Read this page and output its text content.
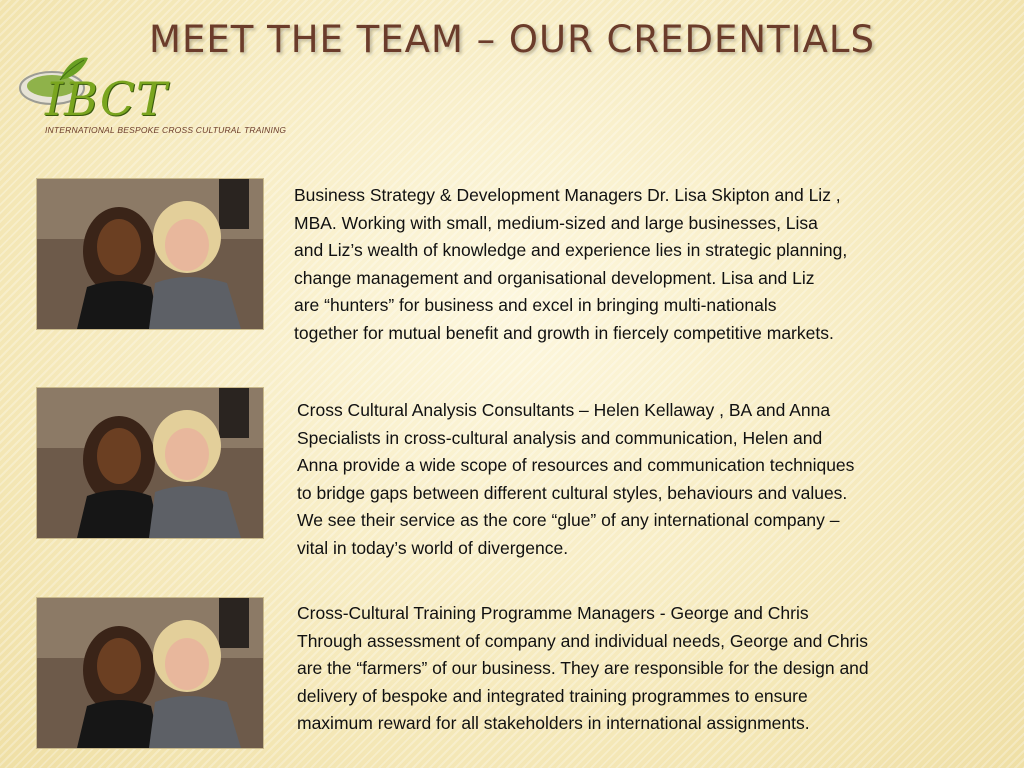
MEET THE TEAM – OUR CREDENTIALS
IBCT
INTERNATIONAL BESPOKE CROSS CULTURAL TRAINING

Business Strategy & Development Managers Dr. Lisa Skipton and Liz ,

MBA. Working with small, medium-sized and large businesses, Lisa

and Liz’s wealth of knowledge and experience lies in strategic planning,

change management and organisational development. Lisa and Liz

are “hunters” for business and excel in bringing multi-nationals

together for mutual benefit and growth in fiercely competitive markets.

Cross Cultural Analysis Consultants – Helen Kellaway , BA and Anna

Specialists in cross-cultural analysis and communication, Helen and

Anna provide a wide scope of resources and communication techniques

to bridge gaps between different cultural styles, behaviours and values.

We see their service as the core “glue” of any international company –

vital in today’s world of divergence.

Cross-Cultural Training Programme Managers - George and Chris

Through assessment of company and individual needs, George and Chris

are the “farmers” of our business. They are responsible for the design and

delivery of bespoke and integrated training programmes to ensure

maximum reward for all stakeholders in international assignments.
